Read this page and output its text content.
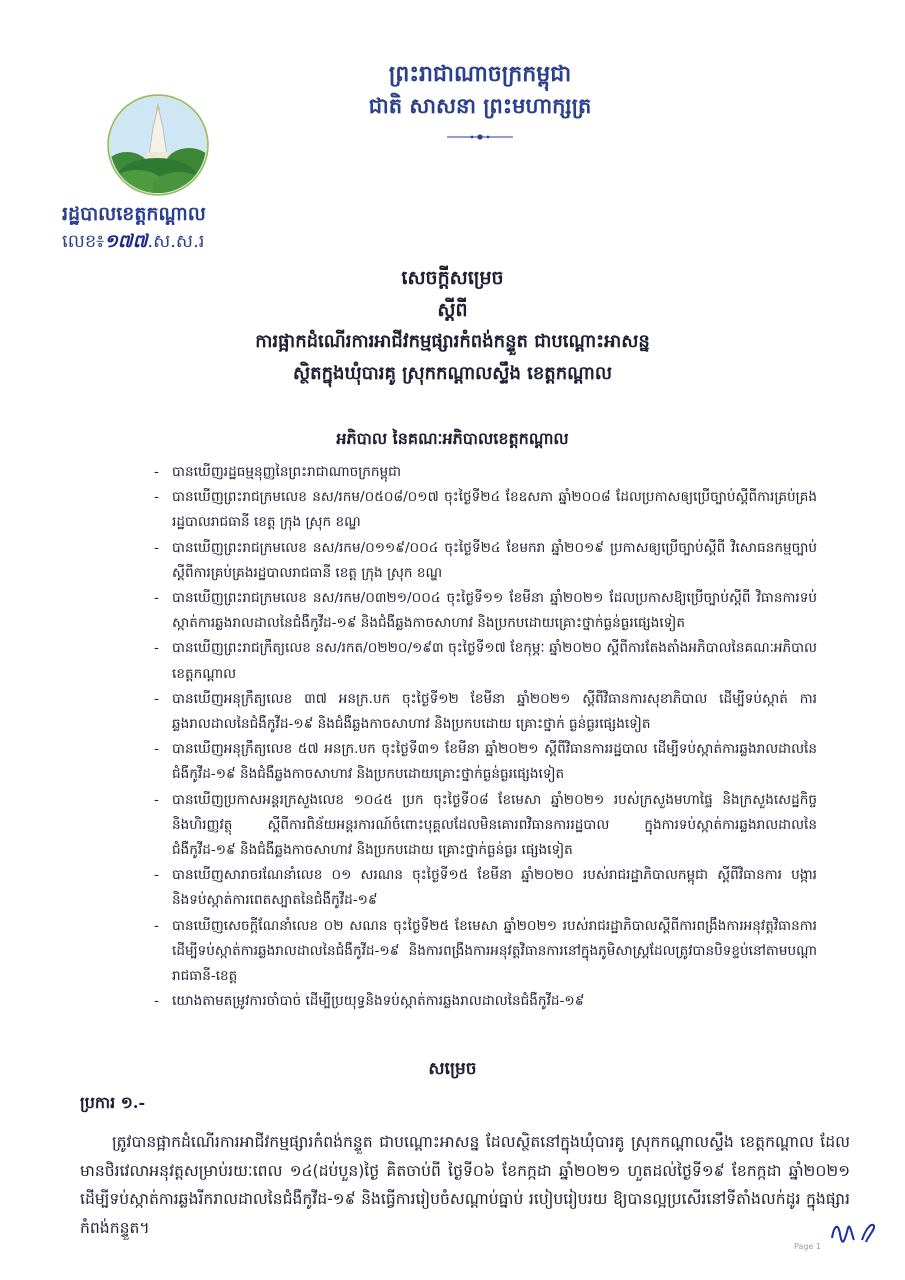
ព្រះរាជាណាចក្រកម្ពុជា
ជាតិ សាសនា ព្រះមហាក្សត្រ
រដ្ឋបាលខេត្តកណ្តាល
លេខ៖១៧៧.ស.ស.រ
សេចក្តីសម្រេច
ស្តីពី
ការផ្អាកដំណើរការអាជីវកម្មផ្សារកំពង់កន្ទួត ជាបណ្តោះអាសន្ន
ស្ថិតក្នុងឃុំបារគូ ស្រុកកណ្តាលស្ទឹង ខេត្តកណ្តាល
អភិបាល នៃគណៈអភិបាលខេត្តកណ្តាល
- បានឃើញរដ្ឋធម្មនុញ្ញនៃព្រះរាជាណាចក្រកម្ពុជា
- បានឃើញព្រះរាជក្រមលេខ នស/រកម/០៥០៨/០១៧ ចុះថ្ងៃទី២៤ ខែឧសភា ឆ្នាំ២០០៨ ដែលប្រកាសឲ្យប្រើច្បាប់ស្តីពីការគ្រប់គ្រងរដ្ឋបាលរាជធានី ខេត្ត ក្រុង ស្រុក ខណ្ឌ
- បានឃើញព្រះរាជក្រមលេខ នស/រកម/០១១៩/០០៤ ចុះថ្ងៃទី២៤ ខែមករា ឆ្នាំ២០១៩ ប្រកាសឲ្យប្រើច្បាប់ស្តីពី វិសោធនកម្មច្បាប់ ស្តីពីការគ្រប់គ្រងរដ្ឋបាលរាជធានី ខេត្ត ក្រុង ស្រុក ខណ្ឌ
- បានឃើញព្រះរាជក្រមលេខ នស/រកម/០៣២១/០០៤ ចុះថ្ងៃទី១១ ខែមីនា ឆ្នាំ២០២១ ដែលប្រកាសឱ្យប្រើច្បាប់ស្តីពី វិធានការទប់ស្កាត់ការឆ្លងរាលដាលនៃជំងឺកូវីដ-១៩ និងជំងឺឆ្លងកាចសាហាវ និងប្រកបដោយគ្រោះថ្នាក់ធ្ងន់ធ្ងរផ្សេងទៀត
- បានឃើញព្រះរាជក្រឹត្យលេខ នស/រកត/០២២០/១៩៣ ចុះថ្ងៃទី១៧ ខែកុម្ភៈ ឆ្នាំ២០២០ ស្តីពីការតែងតាំងអភិបាលនៃគណៈអភិបាលខេត្តកណ្តាល
- បានឃើញអនុក្រឹត្យលេខ ៣៧ អនក្រ.បក ចុះថ្ងៃទី១២ ខែមីនា ឆ្នាំ២០២១ ស្តីពីវិធានការសុខាភិបាល ដើម្បីទប់ស្កាត់ ការឆ្លងរាលដាលនៃជំងឺកូវីដ-១៩ និងជំងឺឆ្លងកាចសាហាវ និងប្រកបដោយ គ្រោះថ្នាក់ ធ្ងន់ធ្ងរផ្សេងទៀត
- បានឃើញអនុក្រឹត្យលេខ ៥៧ អនក្រ.បក ចុះថ្ងៃទី៣១ ខែមីនា ឆ្នាំ២០២១ ស្តីពីវិធានការរដ្ឋបាល ដើម្បីទប់ស្កាត់ការឆ្លងរាលដាលនៃជំងឺកូវីដ-១៩ និងជំងឺឆ្លងកាចសាហាវ និងប្រកបដោយគ្រោះថ្នាក់ធ្ងន់ធ្ងរផ្សេងទៀត
- បានឃើញប្រកាសអន្តរក្រសួងលេខ ១០៤៥ ប្រក ចុះថ្ងៃទី០៨ ខែមេសា ឆ្នាំ២០២១ របស់ក្រសួងមហាផ្ទៃ និងក្រសួងសេដ្ឋកិច្ច និងហិរញ្ញវត្ថុ ស្តីពីការពិន័យអន្តរការណ៍ចំពោះបុគ្គលដែលមិនគោរពវិធានការរដ្ឋបាល ក្នុងការទប់ស្កាត់ការឆ្លងរាលដាលនៃជំងឺកូវីដ-១៩ និងជំងឺឆ្លងកាចសាហាវ និងប្រកបដោយ គ្រោះថ្នាក់ធ្ងន់ធ្ងរ ផ្សេងទៀត
- បានឃើញសារាចរណែនាំលេខ ០១ សរណន ចុះថ្ងៃទី១៥ ខែមីនា ឆ្នាំ២០២០ របស់រាជរដ្ឋាភិបាលកម្ពុជា ស្តីពីវិធានការ បង្ការ និងទប់ស្កាត់ការពេតស្បាតនៃជំងឺកូវីដ-១៩
- បានឃើញសេចក្តីណែនាំលេខ ០២ សណន ចុះថ្ងៃទី២៥ ខែមេសា ឆ្នាំ២០២១ របស់រាជរដ្ឋាភិបាលស្តីពីការពង្រឹងការអនុវត្តវិធានការដើម្បីទប់ស្កាត់ការឆ្លងរាលដាលនៃជំងឺកូវីដ-១៩ និងការពង្រឹងការអនុវត្តវិធានការនៅក្នុងភូមិសាស្ត្រដែលត្រូវបានបិទខ្ទប់នៅតាមបណ្តារាជធានី-ខេត្ត
- យោងតាមតម្រូវការចាំបាច់ ដើម្បីប្រយុទ្ធនិងទប់ស្កាត់ការឆ្លងរាលដាលនៃជំងឺកូវីដ-១៩
សម្រេច
ប្រការ ១.-
ត្រូវបានផ្អាកដំណើរការអាជីវកម្មផ្សារកំពង់កន្ទួត ជាបណ្តោះអាសន្ន ដែលស្ថិតនៅក្នុងឃុំបារគូ ស្រុកកណ្តាលស្ទឹង ខេត្តកណ្តាល ដែលមានថិរវេលាអនុវត្តសម្រាប់រយៈពេល ១៤(ដប់បួន)ថ្ងៃ គិតចាប់ពី ថ្ងៃទី០៦ ខែកក្កដា ឆ្នាំ២០២១ ហួតដល់ថ្ងៃទី១៩ ខែកក្កដា ឆ្នាំ២០២១ ដើម្បីទប់ស្កាត់ការឆ្លងរីករាលដាលនៃជំងឺកូវីដ-១៩ និងធ្វើការរៀបចំសណ្តាប់ធ្នាប់ របៀបរៀបរយ ឱ្យបានល្អប្រសើរនៅទីតាំងលក់ដូរ ក្នុងផ្សារកំពង់កន្ទួត។
Page 1
